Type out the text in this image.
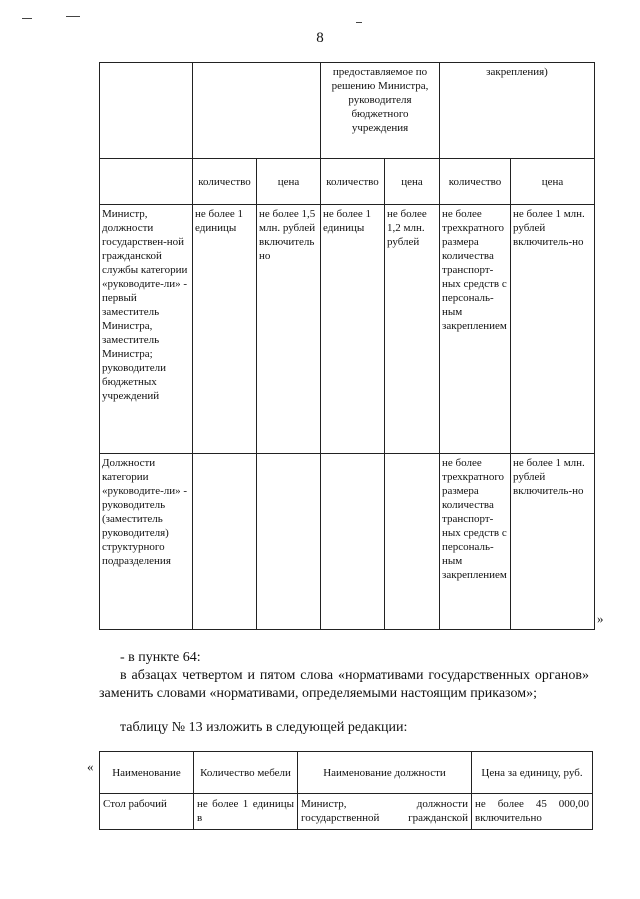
8
			предоставляемое по решению Министра, руководителя бюджетного учреждения		закрепления)	
	количество	цена	количество	цена	количество	цена
Министр, должности государствен-ной гражданской службы категории «руководите-ли» - первый заместитель Министра, заместитель Министра; руководители бюджетных учреждений	не более 1 единицы	не более 1,5 млн. рублей включительно	не более 1 единицы	не более 1,2 млн. рублей	не более трехкратного размера количества транспорт-ных средств с персональ-ным закреплением	не более 1 млн. рублей включитель-но
Должности категории «руководите-ли» - руководитель (заместитель руководителя) структурного подразделения					не более трехкратного размера количества транспорт-ных средств с персональ-ным закреплением	не более 1 млн. рублей включитель-но
»
- в пункте 64:
в абзацах четвертом и пятом слова «нормативами государственных органов» заменить словами «нормативами, определяемыми настоящим приказом»;
таблицу № 13 изложить в следующей редакции:
« Наименование	Количество мебели	Наименование должности	Цена за единицу, руб.
Стол рабочий	не более 1 единицы в	Министр, должности государственной гражданской	не более 45 000,00 включительно
